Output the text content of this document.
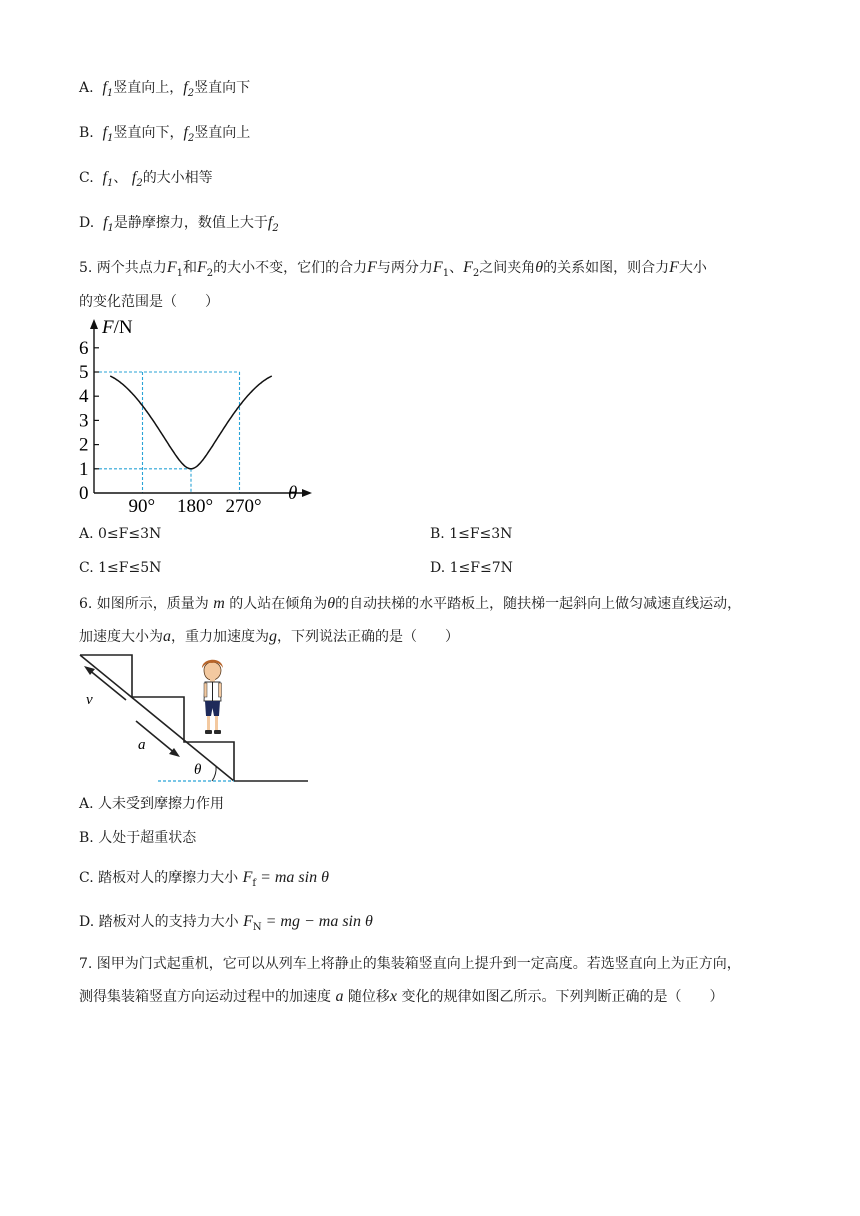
A. $f_1$竖直向上，$f_2$竖直向下
B. $f_1$竖直向下，$f_2$竖直向上
C. $f_1$、 $f_2$的大小相等
D. $f_1$是静摩擦力，数值上大于$f_2$
5. 两个共点力$F_1$和$F_2$的大小不变，它们的合力F与两分力$F_1$、$F_2$之间夹角θ的关系如图，则合力F大小
的变化范围是（　　）
0
1
2
3
4
5
6
90° 180° 270°
F/N
θ
A. 0≤F≤3N	B. 1≤F≤3N
C. 1≤F≤5N	D. 1≤F≤7N
6. 如图所示，质量为 m 的人站在倾角为θ的自动扶梯的水平踏板上，随扶梯一起斜向上做匀减速直线运动，
加速度大小为a，重力加速度为g，下列说法正确的是（　　）
θ
v
a
A. 人未受到摩擦力作用
B. 人处于超重状态
C. 踏板对人的摩擦力大小 $F_f$ = ma sin θ
D. 踏板对人的支持力大小 $F_N$ = mg − ma sin θ
7. 图甲为门式起重机，它可以从列车上将静止的集装箱竖直向上提升到一定高度。若选竖直向上为正方向，
测得集装箱竖直方向运动过程中的加速度 a 随位移x 变化的规律如图乙所示。下列判断正确的是（　　）
